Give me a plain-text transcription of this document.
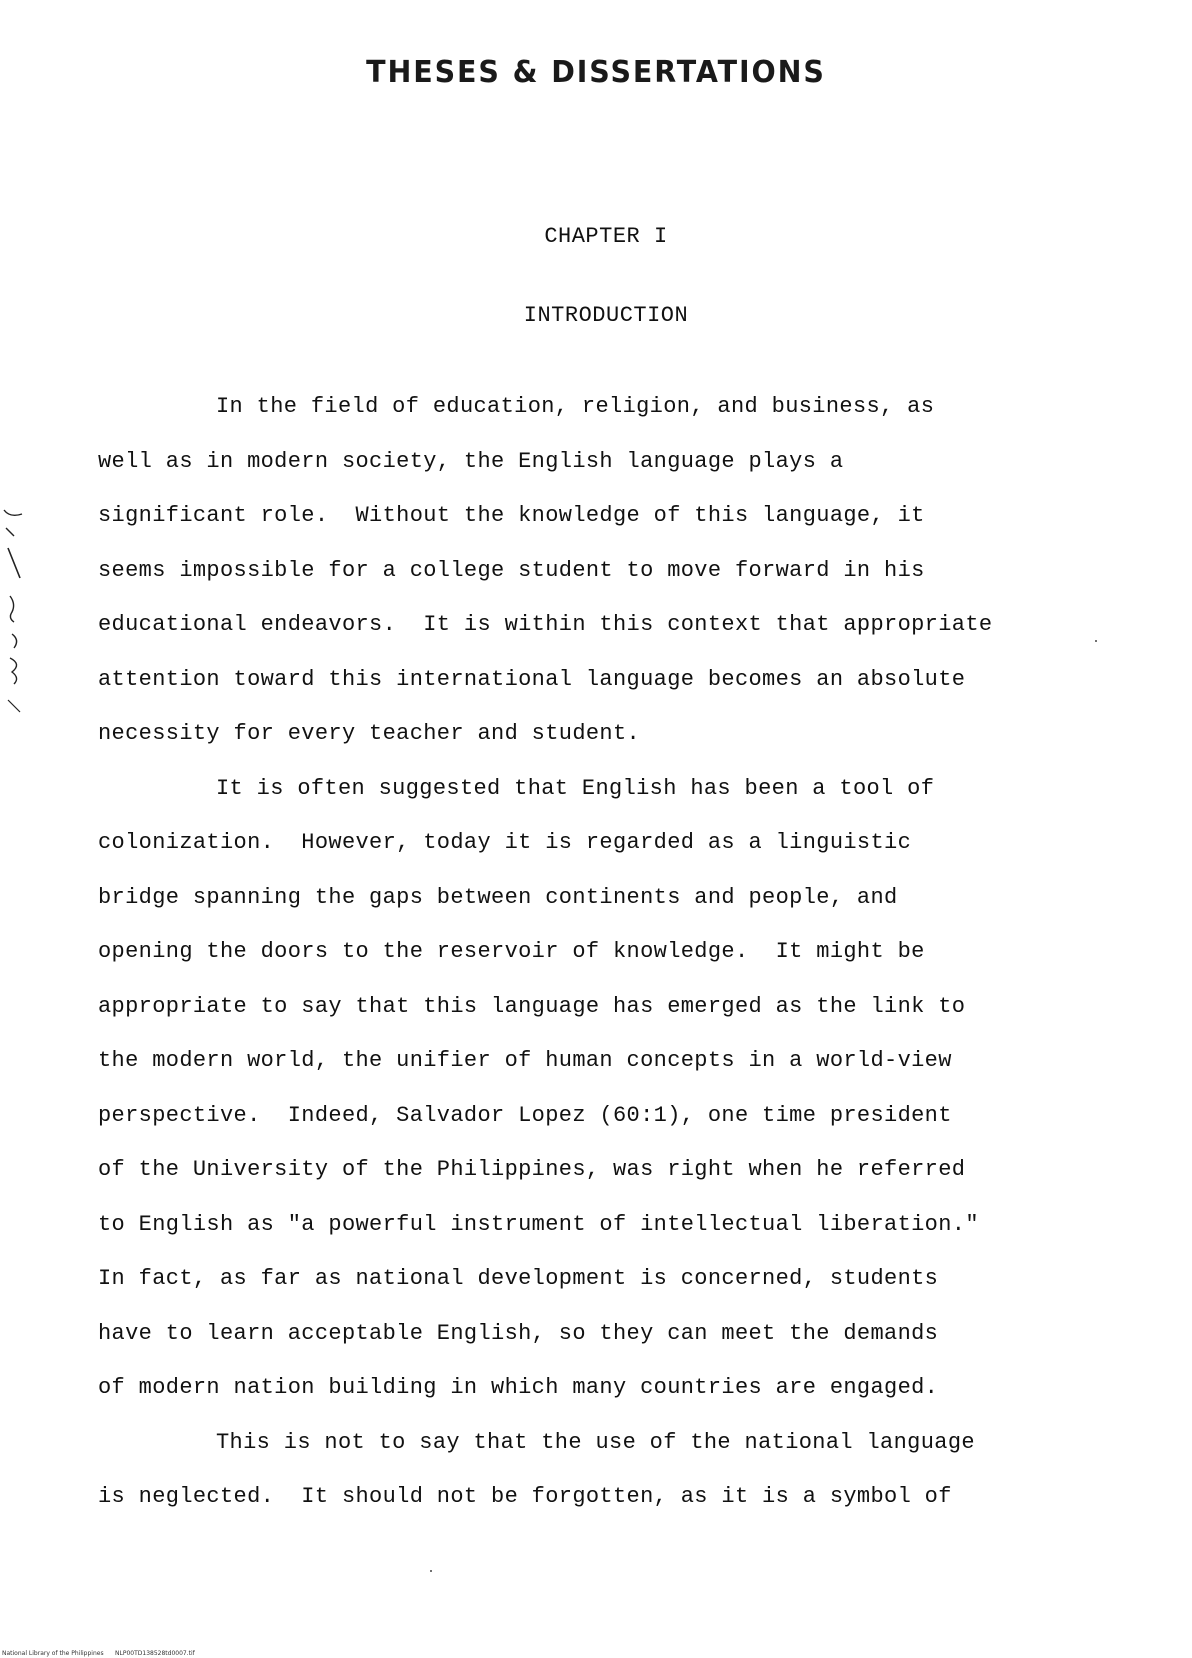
THESES & DISSERTATIONS
CHAPTER I
INTRODUCTION
In the field of education, religion, and business, as
well as in modern society, the English language plays a
significant role.  Without the knowledge of this language, it
seems impossible for a college student to move forward in his
educational endeavors.  It is within this context that appropriate
attention toward this international language becomes an absolute
necessity for every teacher and student.
It is often suggested that English has been a tool of
colonization.  However, today it is regarded as a linguistic
bridge spanning the gaps between continents and people, and
opening the doors to the reservoir of knowledge.  It might be
appropriate to say that this language has emerged as the link to
the modern world, the unifier of human concepts in a world-view
perspective.  Indeed, Salvador Lopez (60:1), one time president
of the University of the Philippines, was right when he referred
to English as "a powerful instrument of intellectual liberation."
In fact, as far as national development is concerned, students
have to learn acceptable English, so they can meet the demands
of modern nation building in which many countries are engaged.
This is not to say that the use of the national language
is neglected.  It should not be forgotten, as it is a symbol of
National Library of the Philippines      NLP00TD138528td0007.tif
